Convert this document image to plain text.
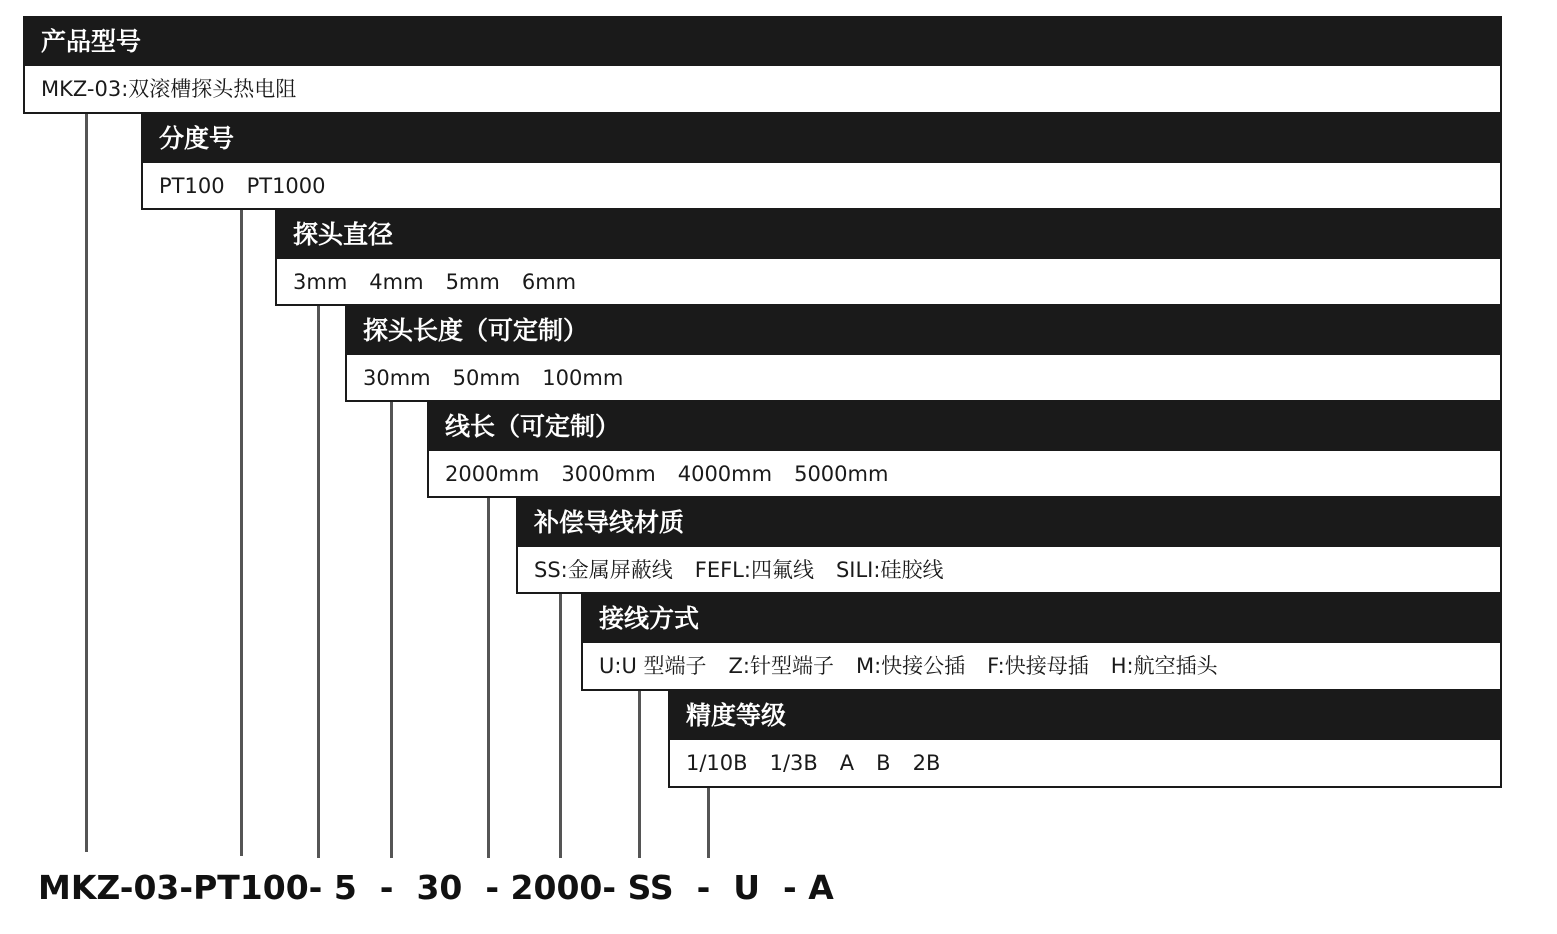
产品型号
MKZ-03:双滚槽探头热电阻
分度号
PT100 PT1000
探头直径
3mm 4mm 5mm 6mm
探头长度（可定制）
30mm 50mm 100mm
线长（可定制）
2000mm 3000mm 4000mm 5000mm
补偿导线材质
SS:金属屏蔽线 FEFL:四氟线 SILI:硅胶线
接线方式
U:U 型端子 Z:针型端子 M:快接公插 F:快接母插 H:航空插头
精度等级
1/10B 1/3B A B 2B
MKZ-03-PT100- 5  -  30  - 2000- SS  -  U  - A
